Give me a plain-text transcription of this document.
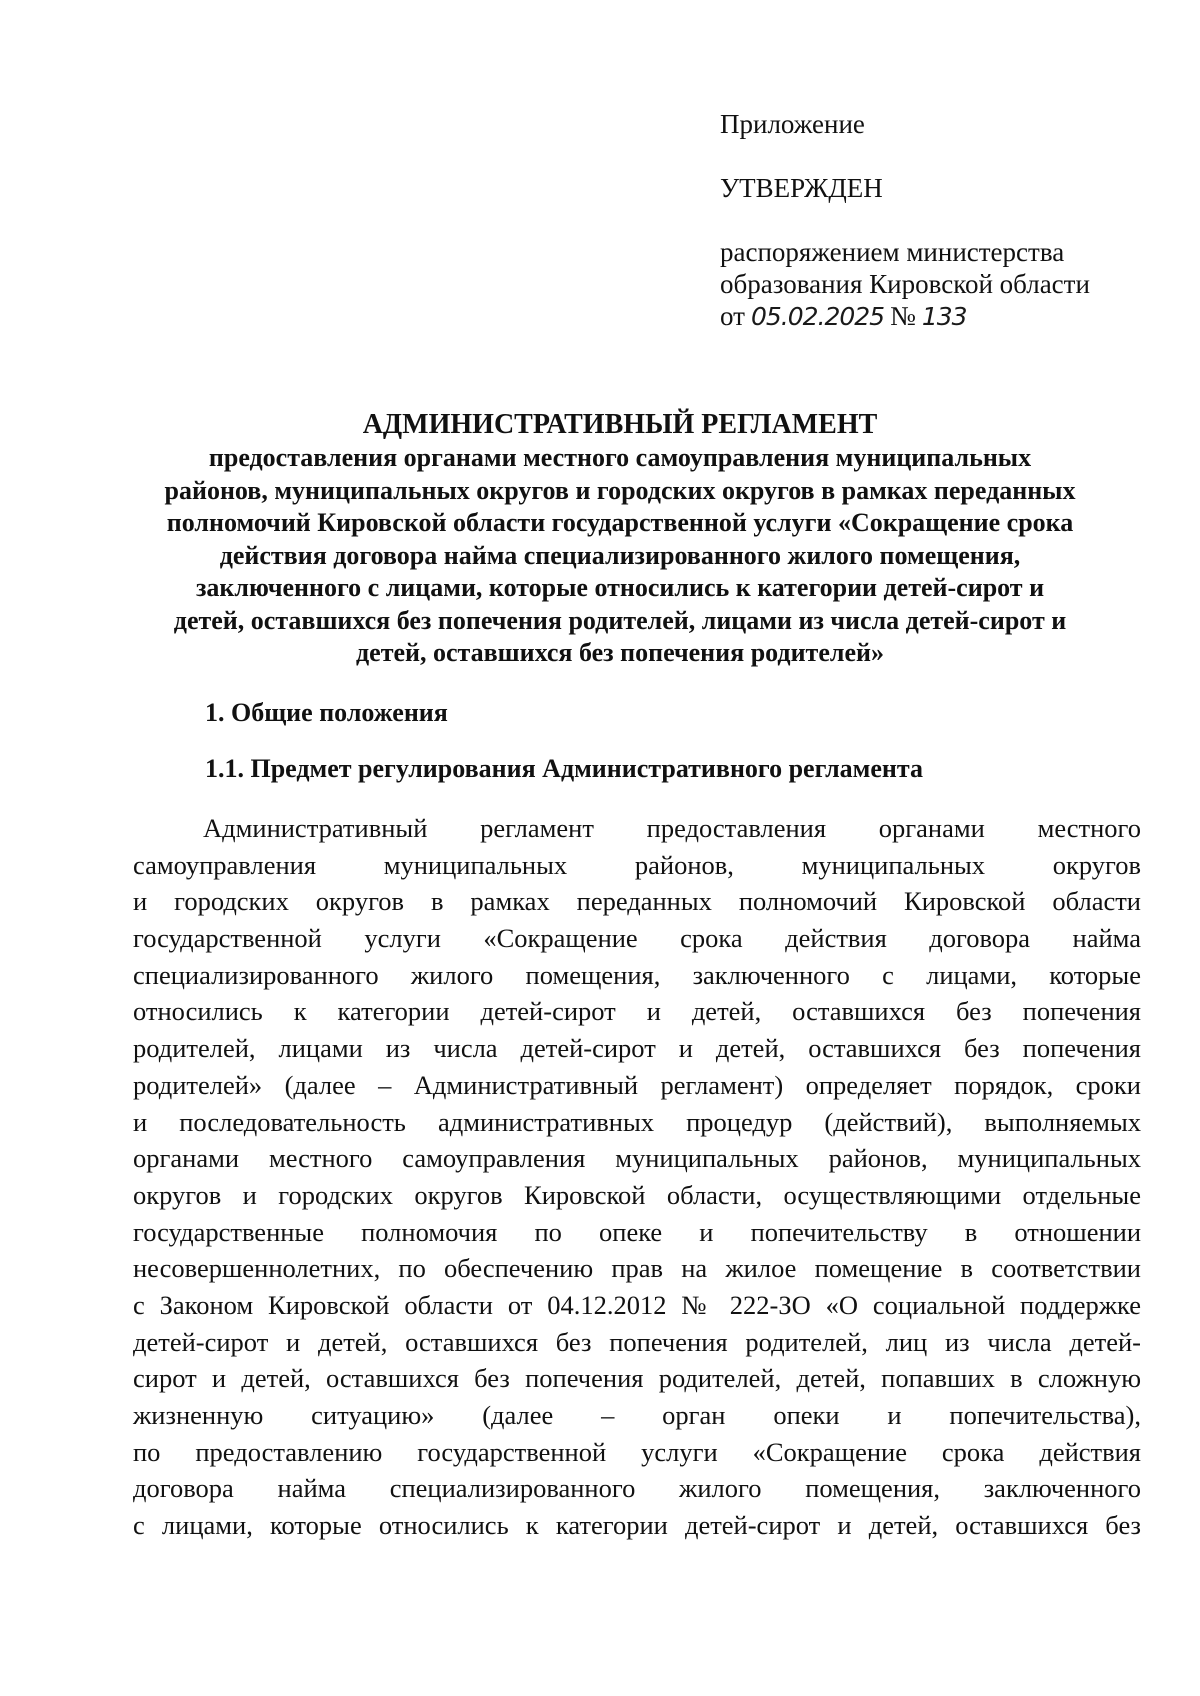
Приложение
УТВЕРЖДЕН
распоряжением министерства
образования Кировской области
от 05.02.2025 № 133

АДМИНИСТРАТИВНЫЙ РЕГЛАМЕНТ

предоставления органами местного самоуправления муниципальных
районов, муниципальных округов и городских округов в рамках переданных
полномочий Кировской области государственной услуги «Сокращение срока
действия договора найма специализированного жилого помещения,
заключенного с лицами, которые относились к категории детей-сирот и
детей, оставшихся без попечения родителей, лицами из числа детей-сирот и
детей, оставшихся без попечения родителей»

1. Общие положения
1.1. Предмет регулирования Административного регламента
Административный регламент предоставления органами местного
самоуправления муниципальных районов, муниципальных округов
и городских округов в рамках переданных полномочий Кировской области
государственной услуги «Сокращение срока действия договора найма
специализированного жилого помещения, заключенного с лицами, которые
относились к категории детей-сирот и детей, оставшихся без попечения
родителей, лицами из числа детей-сирот и детей, оставшихся без попечения
родителей» (далее – Административный регламент) определяет порядок, сроки
и последовательность административных процедур (действий), выполняемых
органами местного самоуправления муниципальных районов, муниципальных
округов и городских округов Кировской области, осуществляющими отдельные
государственные полномочия по опеке и попечительству в отношении
несовершеннолетних, по обеспечению прав на жилое помещение в соответствии
с Законом Кировской области от 04.12.2012 № 222-ЗО «О социальной поддержке
детей-сирот и детей, оставшихся без попечения родителей, лиц из числа детей-
сирот и детей, оставшихся без попечения родителей, детей, попавших в сложную
жизненную ситуацию» (далее – орган опеки и попечительства),
по предоставлению государственной услуги «Сокращение срока действия
договора найма специализированного жилого помещения, заключенного
с лицами, которые относились к категории детей-сирот и детей, оставшихся без
